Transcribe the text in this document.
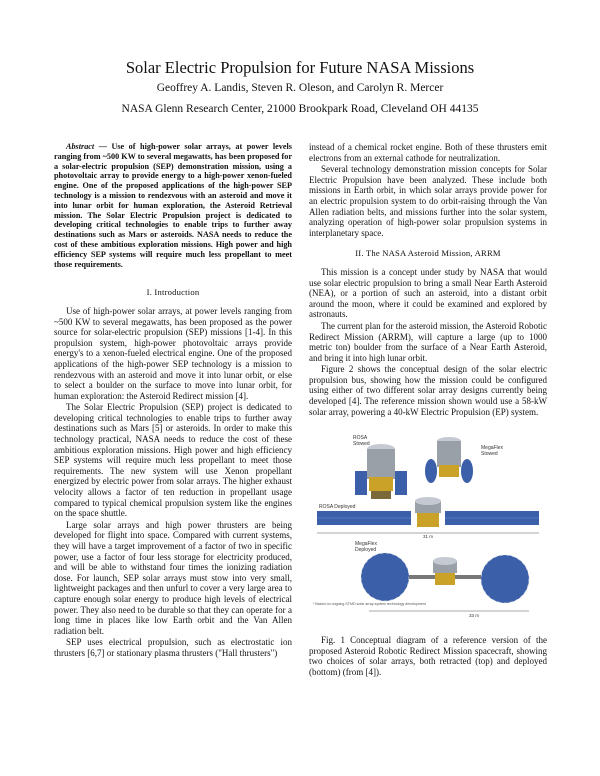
Solar Electric Propulsion for Future NASA Missions
Geoffrey A. Landis, Steven R. Oleson, and Carolyn R. Mercer
NASA Glenn Research Center, 21000 Brookpark Road, Cleveland OH 44135

Abstract — Use of high-power solar arrays, at power levels ranging from ~500 KW to several megawatts, has been proposed for a solar-electric propulsion (SEP) demonstration mission, using a photovoltaic array to provide energy to a high-power xenon-fueled engine. One of the proposed applications of the high-power SEP technology is a mission to rendezvous with an asteroid and move it into lunar orbit for human exploration, the Asteroid Retrieval mission. The Solar Electric Propulsion project is dedicated to developing critical technologies to enable trips to further away destinations such as Mars or asteroids. NASA needs to reduce the cost of these ambitious exploration missions. High power and high efficiency SEP systems will require much less propellant to meet those requirements.

I. Introduction

Use of high-power solar arrays, at power levels ranging from ~500 KW to several megawatts, has been proposed as the power source for solar-electric propulsion (SEP) missions [1-4]. In this propulsion system, high-power photovoltaic arrays provide energy's to a xenon-fueled electrical engine. One of the proposed applications of the high-power SEP technology is a mission to rendezvous with an asteroid and move it into lunar orbit, or else to select a boulder on the surface to move into lunar orbit, for human exploration: the Asteroid Redirect mission [4].

The Solar Electric Propulsion (SEP) project is dedicated to developing critical technologies to enable trips to further away destinations such as Mars [5] or asteroids. In order to make this technology practical, NASA needs to reduce the cost of these ambitious exploration missions. High power and high efficiency SEP systems will require much less propellant to meet those requirements. The new system will use Xenon propellant energized by electric power from solar arrays. The higher exhaust velocity allows a factor of ten reduction in propellant usage compared to typical chemical propulsion system like the engines on the space shuttle.

Large solar arrays and high power thrusters are being developed for flight into space. Compared with current systems, they will have a target improvement of a factor of two in specific power, use a factor of four less storage for electricity produced, and will be able to withstand four times the ionizing radiation dose. For launch, SEP solar arrays must stow into very small, lightweight packages and then unfurl to cover a very large area to capture enough solar energy to produce high levels of electrical power. They also need to be durable so that they can operate for a long time in places like low Earth orbit and the Van Allen radiation belt.

SEP uses electrical propulsion, such as electrostatic ion thrusters [6,7] or stationary plasma thrusters ("Hall thrusters")

instead of a chemical rocket engine. Both of these thrusters emit electrons from an external cathode for neutralization.

Several technology demonstration mission concepts for Solar Electric Propulsion have been analyzed. These include both missions in Earth orbit, in which solar arrays provide power for an electric propulsion system to do orbit-raising through the Van Allen radiation belts, and missions further into the solar system, analyzing operation of high-power solar propulsion systems in interplanetary space.

II. The NASA Asteroid Mission, ARRM

This mission is a concept under study by NASA that would use solar electric propulsion to bring a small Near Earth Asteroid (NEA), or a portion of such an asteroid, into a distant orbit around the moon, where it could be examined and explored by astronauts.

The current plan for the asteroid mission, the Asteroid Robotic Redirect Mission (ARRM), will capture a large (up to 1000 metric ton) boulder from the surface of a Near Earth Asteroid, and bring it into high lunar orbit.

Figure 2 shows the conceptual design of the solar electric propulsion bus, showing how the mission could be configured using either of two different solar array designs currently being developed [4]. The reference mission shown would use a 58-kW solar array, powering a 40-kW Electric Propulsion (EP) system.

ROSA Stowed
MegaFlex Stowed
ROSA Deployed
31 m
MegaFlex Deployed
33 m
* Based on ongoing STMD solar array system technology development

Fig. 1 Conceptual diagram of a reference version of the proposed Asteroid Robotic Redirect Mission spacecraft, showing two choices of solar arrays, both retracted (top) and deployed (bottom) (from [4]).
